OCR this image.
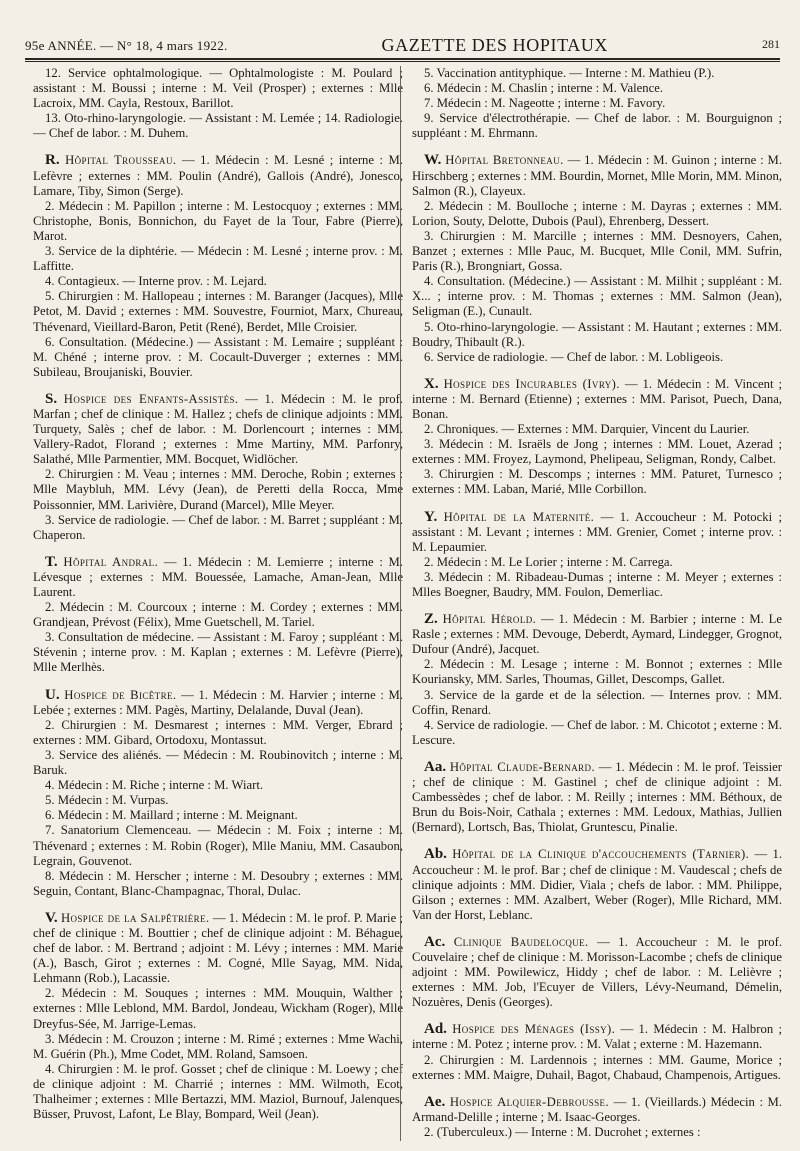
95e ANNÉE. — N° 18, 4 mars 1922.	GAZETTE DES HOPITAUX	281

12. Service ophtalmologique. — Ophtalmologiste : M. Poulard ; assistant : M. Boussi ; interne : M. Veil (Prosper) ; externes : Mlle Lacroix, MM. Cayla, Restoux, Barillot.

13. Oto-rhino-laryngologie. — Assistant : M. Lemée ; 14. Radiologie. — Chef de labor. : M. Duhem.

R. Hôpital Trousseau. — 1. Médecin : M. Lesné ; interne : M. Lefèvre ; externes : MM. Poulin (André), Gallois (André), Jonesco, Lamare, Tiby, Simon (Serge).

2. Médecin : M. Papillon ; interne : M. Lestocquoy ; externes : MM. Christophe, Bonis, Bonnichon, du Fayet de la Tour, Fabre (Pierre), Marot.

3. Service de la diphtérie. — Médecin : M. Lesné ; interne prov. : M. Laffitte.

4. Contagieux. — Interne prov. : M. Lejard.

5. Chirurgien : M. Hallopeau ; internes : M. Baranger (Jacques), Mlle Petot, M. David ; externes : MM. Souvestre, Fourniot, Marx, Chureau, Thévenard, Vieillard-Baron, Petit (René), Berdet, Mlle Croisier.

6. Consultation. (Médecine.) — Assistant : M. Lemaire ; suppléant : M. Chéné ; interne prov. : M. Cocault-Duverger ; externes : MM. Subileau, Broujaniski, Bouvier.

S. Hospice des Enfants-Assistés. — 1. Médecin : M. le prof. Marfan ; chef de clinique : M. Hallez ; chefs de clinique adjoints : MM. Turquety, Salès ; chef de labor. : M. Dorlencourt ; internes : MM. Vallery-Radot, Florand ; externes : Mme Martiny, MM. Parfonry, Salathé, Mlle Parmentier, MM. Bocquet, Widlöcher.

2. Chirurgien : M. Veau ; internes : MM. Deroche, Robin ; externes : Mlle Maybluh, MM. Lévy (Jean), de Peretti della Rocca, Mme Poissonnier, MM. Larivière, Durand (Marcel), Mlle Meyer.

3. Service de radiologie. — Chef de labor. : M. Barret ; suppléant : M. Chaperon.

T. Hôpital Andral. — 1. Médecin : M. Lemierre ; interne : M. Lévesque ; externes : MM. Bouessée, Lamache, Aman-Jean, Mlle Laurent.

2. Médecin : M. Courcoux ; interne : M. Cordey ; externes : MM. Grandjean, Prévost (Félix), Mme Guetschell, M. Tariel.

3. Consultation de médecine. — Assistant : M. Faroy ; suppléant : M. Stévenin ; interne prov. : M. Kaplan ; externes : M. Lefèvre (Pierre), Mlle Merlhès.

U. Hospice de Bicêtre. — 1. Médecin : M. Harvier ; interne : M. Lebée ; externes : MM. Pagès, Martiny, Delalande, Duval (Jean).

2. Chirurgien : M. Desmarest ; internes : MM. Verger, Ebrard ; externes : MM. Gibard, Ortodoxu, Montassut.

3. Service des aliénés. — Médecin : M. Roubinovitch ; interne : M. Baruk.

4. Médecin : M. Riche ; interne : M. Wiart.

5. Médecin : M. Vurpas.

6. Médecin : M. Maillard ; interne : M. Meignant.

7. Sanatorium Clemenceau. — Médecin : M. Foix ; interne : M. Thévenard ; externes : M. Robin (Roger), Mlle Maniu, MM. Casaubon, Legrain, Gouvenot.

8. Médecin : M. Herscher ; interne : M. Desoubry ; externes : MM. Seguin, Contant, Blanc-Champagnac, Thoral, Dulac.

V. Hospice de la Salpêtrière. — 1. Médecin : M. le prof. P. Marie ; chef de clinique : M. Bouttier ; chef de clinique adjoint : M. Béhague, chef de labor. : M. Bertrand ; adjoint : M. Lévy ; internes : MM. Marie (A.), Basch, Girot ; externes : M. Cogné, Mlle Sayag, MM. Nida, Lehmann (Rob.), Lacassie.

2. Médecin : M. Souques ; internes : MM. Mouquin, Walther ; externes : Mlle Leblond, MM. Bardol, Jondeau, Wickham (Roger), Mlle Dreyfus-Sée, M. Jarrige-Lemas.

3. Médecin : M. Crouzon ; interne : M. Rimé ; externes : Mme Wachi, M. Guérin (Ph.), Mme Codet, MM. Roland, Samsoen.

4. Chirurgien : M. le prof. Gosset ; chef de clinique : M. Loewy ; chef de clinique adjoint : M. Charrié ; internes : MM. Wilmoth, Ecot, Thalheimer ; externes : Mlle Bertazzi, MM. Maziol, Burnouf, Jalenques, Büsser, Pruvost, Lafont, Le Blay, Bompard, Weil (Jean).

5. Vaccination antityphique. — Interne : M. Mathieu (P.).

6. Médecin : M. Chaslin ; interne : M. Valence.

7. Médecin : M. Nageotte ; interne : M. Favory.

9. Service d'électrothérapie. — Chef de labor. : M. Bourguignon ; suppléant : M. Ehrmann.

W. Hôpital Bretonneau. — 1. Médecin : M. Guinon ; interne : M. Hirschberg ; externes : MM. Bourdin, Mornet, Mlle Morin, MM. Minon, Salmon (R.), Clayeux.

2. Médecin : M. Boulloche ; interne : M. Dayras ; externes : MM. Lorion, Souty, Delotte, Dubois (Paul), Ehrenberg, Dessert.

3. Chirurgien : M. Marcille ; internes : MM. Desnoyers, Cahen, Banzet ; externes : Mlle Pauc, M. Bucquet, Mlle Conil, MM. Sufrin, Paris (R.), Brongniart, Gossa.

4. Consultation. (Médecine.) — Assistant : M. Milhit ; suppléant : M. X... ; interne prov. : M. Thomas ; externes : MM. Salmon (Jean), Seligman (E.), Cunault.

5. Oto-rhino-laryngologie. — Assistant : M. Hautant ; externes : MM. Boudry, Thibault (R.).

6. Service de radiologie. — Chef de labor. : M. Lobligeois.

X. Hospice des Incurables (Ivry). — 1. Médecin : M. Vincent ; interne : M. Bernard (Etienne) ; externes : MM. Parisot, Puech, Dana, Bonan.

2. Chroniques. — Externes : MM. Darquier, Vincent du Laurier.

3. Médecin : M. Israëls de Jong ; internes : MM. Louet, Azerad ; externes : MM. Froyez, Laymond, Phelipeau, Seligman, Rondy, Calbet.

3. Chirurgien : M. Descomps ; internes : MM. Paturet, Turnesco ; externes : MM. Laban, Marié, Mlle Corbillon.

Y. Hôpital de la Maternité. — 1. Accoucheur : M. Potocki ; assistant : M. Levant ; internes : MM. Grenier, Comet ; interne prov. : M. Lepaumier.

2. Médecin : M. Le Lorier ; interne : M. Carrega.

3. Médecin : M. Ribadeau-Dumas ; interne : M. Meyer ; externes : Mlles Boegner, Baudry, MM. Foulon, Demerliac.

Z. Hôpital Hérold. — 1. Médecin : M. Barbier ; interne : M. Le Rasle ; externes : MM. Devouge, Deberdt, Aymard, Lindegger, Grognot, Dufour (André), Jacquet.

2. Médecin : M. Lesage ; interne : M. Bonnot ; externes : Mlle Kouriansky, MM. Sarles, Thoumas, Gillet, Descomps, Gallet.

3. Service de la garde et de la sélection. — Internes prov. : MM. Coffin, Renard.

4. Service de radiologie. — Chef de labor. : M. Chicotot ; externe : M. Lescure.

Aa. Hôpital Claude-Bernard. — 1. Médecin : M. le prof. Teissier ; chef de clinique : M. Gastinel ; chef de clinique adjoint : M. Cambessèdes ; chef de labor. : M. Reilly ; internes : MM. Béthoux, de Brun du Bois-Noir, Cathala ; externes : MM. Ledoux, Mathias, Jullien (Bernard), Lortsch, Bas, Thiolat, Gruntescu, Pinalie.

Ab. Hôpital de la Clinique d'accouchements (Tarnier). — 1. Accoucheur : M. le prof. Bar ; chef de clinique : M. Vaudescal ; chefs de clinique adjoints : MM. Didier, Viala ; chefs de labor. : MM. Philippe, Gilson ; externes : MM. Azalbert, Weber (Roger), Mlle Richard, MM. Van der Horst, Leblanc.

Ac. Clinique Baudelocque. — 1. Accoucheur : M. le prof. Couvelaire ; chef de clinique : M. Morisson-Lacombe ; chefs de clinique adjoint : MM. Powilewicz, Hiddy ; chef de labor. : M. Lelièvre ; externes : MM. Job, l'Ecuyer de Villers, Lévy-Neumand, Démelin, Nozuères, Denis (Georges).

Ad. Hospice des Ménages (Issy). — 1. Médecin : M. Halbron ; interne : M. Potez ; interne prov. : M. Valat ; externe : M. Hazemann.

2. Chirurgien : M. Lardennois ; internes : MM. Gaume, Morice ; externes : MM. Maigre, Duhail, Bagot, Chabaud, Champenois, Artigues.

Ae. Hospice Alquier-Debrousse. — 1. (Vieillards.) Médecin : M. Armand-Delille ; interne ; M. Isaac-Georges.

2. (Tuberculeux.) — Interne : M. Ducrohet ; externes :
